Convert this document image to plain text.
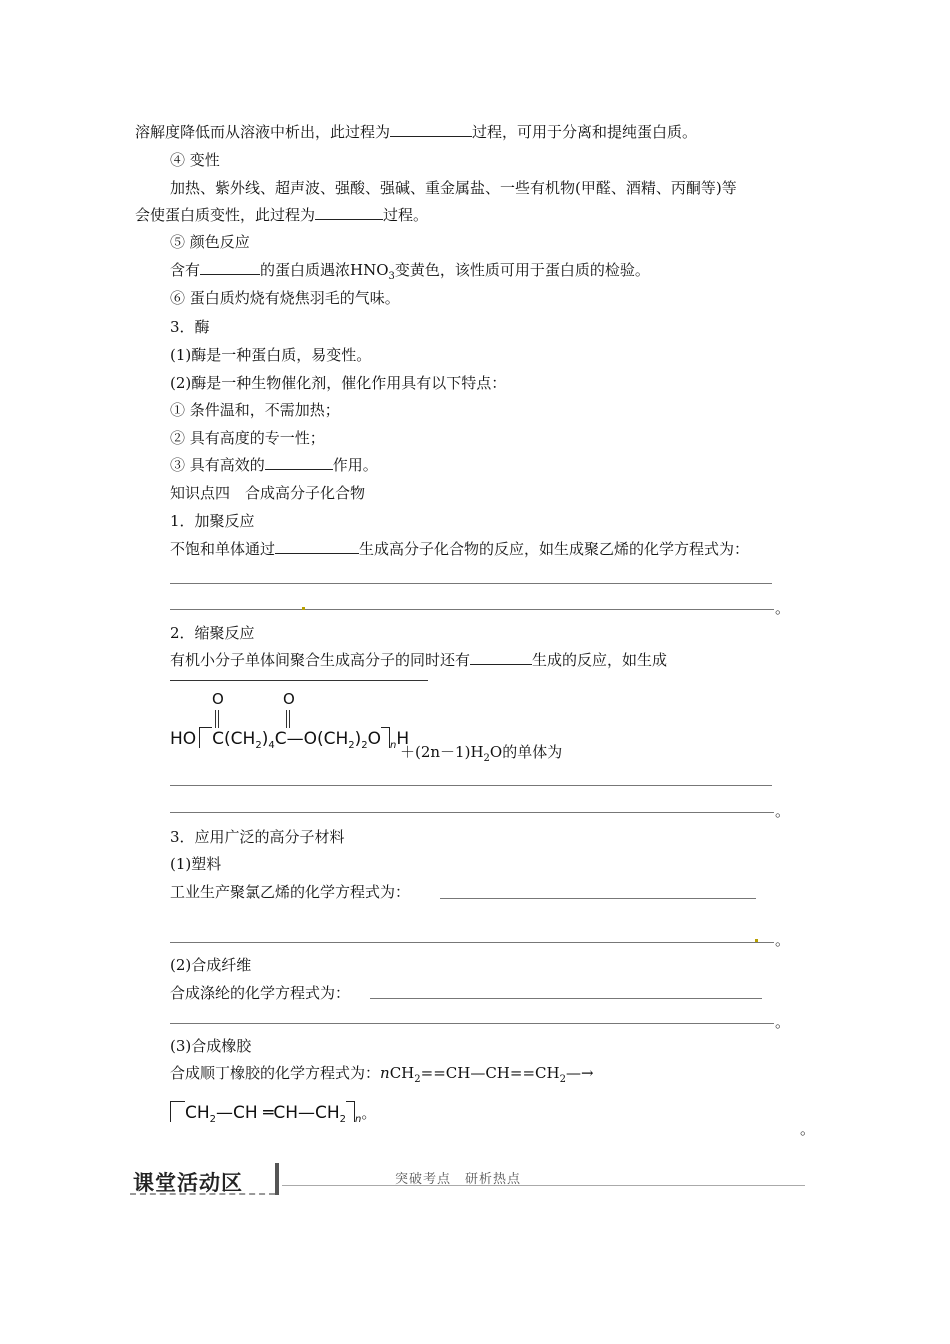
溶解度降低而从溶液中析出，此过程为	过程，可用于分离和提纯蛋白质。
④ 变性
加热、紫外线、超声波、强酸、强碱、重金属盐、一些有机物(甲醛、酒精、丙酮等)等
会使蛋白质变性，此过程为	过程。
⑤ 颜色反应
含有	的蛋白质遇浓$HNO_3$变黄色，该性质可用于蛋白质的检验。
⑥ 蛋白质灼烧有烧焦羽毛的气味。
3．酶
(1)酶是一种蛋白质，易变性。
(2)酶是一种生物催化剂，催化作用具有以下特点：
① 条件温和，不需加热；
② 具有高度的专一性；
③ 具有高效的	作用。
知识点四　合成高分子化合物
1．加聚反应
不饱和单体通过	生成高分子化合物的反应，如生成聚乙烯的化学方程式为：
。
2．缩聚反应
有机小分子单体间聚合生成高分子的同时还有	生成的反应，如生成
O	O
HO $C(CH_2)_4C—O(CH_2)_2O$ $_n$H
$+(2n-1)H_2O$的单体为
。
3．应用广泛的高分子材料
(1)塑料
工业生产聚氯乙烯的化学方程式为：
。
(2)合成纤维
合成涤纶的化学方程式为：
。
(3)合成橡胶
合成顺丁橡胶的化学方程式为：$nCH_2==CH—CH==CH_2—\to$
$CH_2—CH$ $═CH—CH_2$ $_n$。
。
课堂活动区	突破考点　研析热点
